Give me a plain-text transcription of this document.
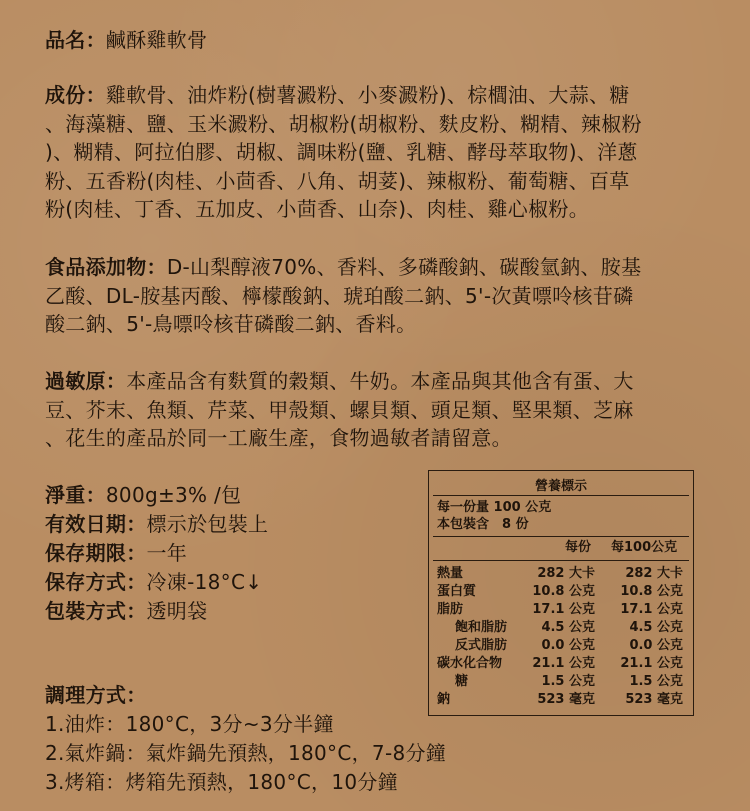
品名：鹹酥雞軟骨
成份：雞軟骨、油炸粉(樹薯澱粉、小麥澱粉)、棕櫚油、大蒜、糖
、海藻糖、鹽、玉米澱粉、胡椒粉(胡椒粉、麩皮粉、糊精、辣椒粉
)、糊精、阿拉伯膠、胡椒、調味粉(鹽、乳糖、酵母萃取物)、洋蔥
粉、五香粉(肉桂、小茴香、八角、胡荽)、辣椒粉、葡萄糖、百草
粉(肉桂、丁香、五加皮、小茴香、山奈)、肉桂、雞心椒粉。
食品添加物：D-山梨醇液70%、香料、多磷酸鈉、碳酸氫鈉、胺基
乙酸、DL-胺基丙酸、檸檬酸鈉、琥珀酸二鈉、5'-次黃嘌呤核苷磷
酸二鈉、5'-鳥嘌呤核苷磷酸二鈉、香料。
過敏原：本產品含有麩質的穀類、牛奶。本產品與其他含有蛋、大
豆、芥末、魚類、芹菜、甲殼類、螺貝類、頭足類、堅果類、芝麻
、花生的產品於同一工廠生產，食物過敏者請留意。
淨重：800g±3% /包
有效日期：標示於包裝上
保存期限：一年
保存方式：冷凍-18°C↓
包裝方式：透明袋
調理方式：
1.油炸：180°C，3分~3分半鐘
2.氣炸鍋：氣炸鍋先預熱，180°C，7-8分鐘
3.烤箱：烤箱先預熱，180°C，10分鐘
營養標示
每一份量 100 公克
本包裝含　8 份
每份 每100公克
熱量	282 大卡 282 大卡
蛋白質	10.8 公克 10.8 公克
脂肪	17.1 公克 17.1 公克
飽和脂肪	4.5 公克	4.5 公克
反式脂肪	0.0 公克	0.0 公克
碳水化合物 21.1 公克 21.1 公克
糖	1.5 公克	1.5 公克
鈉	523 毫克 523 毫克
